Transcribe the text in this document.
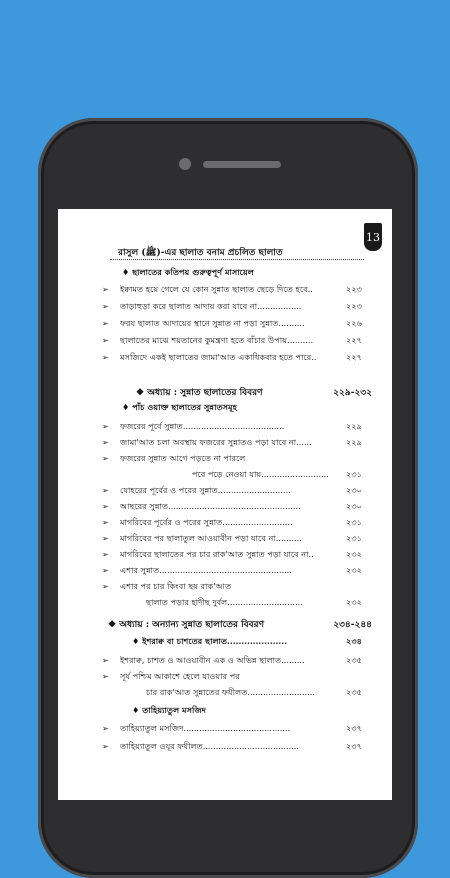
রাসুল (ﷺ)-এর ছালাত বনাম প্রচলিত ছালাত
13
♦ ছালাতের কতিপয় গুরুত্বপূর্ণ মাসায়েল
➢ ইক্বামত হয়ে গেলে যে কোন সুন্নাত ছালাত ছেড়ে দিতে হবে..	২২৩
➢ তাড়াহুড়া করে ছালাত আদায় করা যাবে না.................	২২৩
➢ ফরয ছালাত আদায়ের স্থানে সুন্নাত না পড়া সুন্নাত..........	২২৬
➢ ছালাতের মাঝে শয়তানের কুমন্ত্রণা হতে বাঁচার উপায়..........	২২৭
➢ মসজিদে একই ছালাতের জামা'আত একাধিকবার হতে পারে..	২২৭
❖ অধ্যায় : সুন্নাত ছালাতের বিবরণ	২২৯-২৩২
♦ পাঁচ ওয়াক্ত ছালাতের সুন্নাতসমূহ
➢ ফজরের পূর্বে সুন্নাত.......................................	২২৯
➢ জামা'আত চলা অবস্থায় ফজরের সুন্নাতও পড়া যাবে না......	২২৯
➢ ফজরের সুন্নাত আগে পড়তে না পারলে
পরে পড়ে নেওয়া যায়.......................... ২৩১
➢ যোহরের পূর্বের ও পরের সুন্নাত............................	২৩০
➢ আছরের সুন্নাত...................................................	২৩০
➢ মাগরিবের পূর্বের ও পরের সুন্নাত...........................	২৩১
➢ মাগরিবের পর ছালাতুল আওয়াবীন পড়া যাবে না..........	২৩১
➢ মাগরিবের ছালাতের পর চার রাক'আত সুন্নাত পড়া যাবে না..	২৩২
➢ এশার সুন্নাত...................................................	২৩২
➢ এশার পর চার কিংবা ছয় রাক'আত
ছালাত পড়ার হাদীছ দুর্বল.............................	২৩২
❖ অধ্যায় : অন্যান্য সুন্নাত ছালাতের বিবরণ	২৩৪-২৪৪
♦ ইশরাক্ব বা চাশতের ছালাত.....................	২৩৪
➢ ইশরাক্ব, চাশত ও আওয়াবীন এক ও অভিন্ন ছালাত.........	২৩৫
➢ সূর্য পশ্চিম আকাশে হেলে যাওয়ার পর
চার রাক'আত সুন্নাতের ফযীলত..........................	২৩৫
♦ তাহিয়্যাতুল মসজিদ
➢ তাহিয়্যাতুল মসজিদ.........................................	২৩৭
➢ তাহিয়্যাতুল ওযূর ফযীলত.....................................	২৩৭
